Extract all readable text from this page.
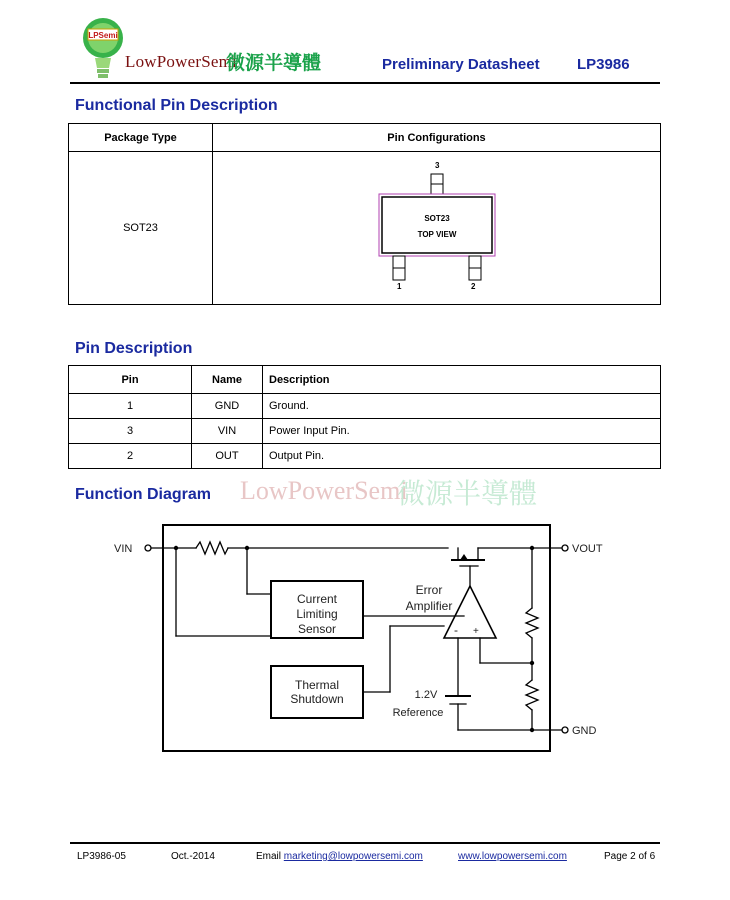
LPSemi
LowPowerSemi
微源半導體	Preliminary Datasheet LP3986
Functional Pin Description
Package Type	Pin Configurations
SOT23	3
SOT23
TOP VIEW
1 2
Pin Description
Pin	Name	Description
1	GND	Ground.
3	VIN	Power Input Pin.
2	OUT	Output Pin.
Function Diagram LowPowerSemi
微源半導體
VIN	VOUT
GND
Current
Limiting
Sensor
Thermal
Shutdown
Error
Amplifier
- +
1.2V
Reference
LP3986-05	Oct.-2014	Email marketing@lowpowersemi.com	www.lowpowersemi.com	Page 2 of 6
